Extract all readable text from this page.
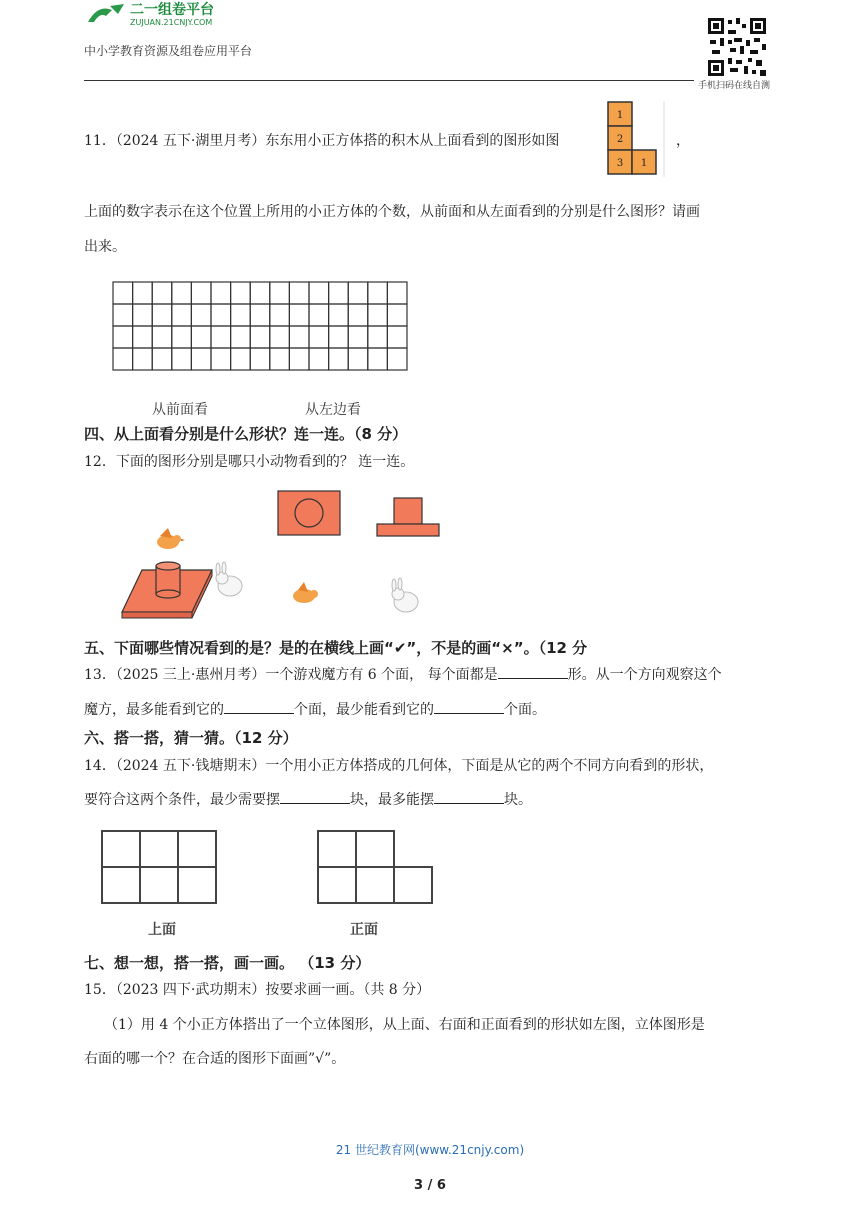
二一组卷平台
ZUJUAN.21CNJY.COM
中小学教育资源及组卷应用平台
手机扫码在线自测
11．（2024 五下·湖里月考）东东用小正方体搭的积木从上面看到的图形如图
1
2
3 1
，
上面的数字表示在这个位置上所用的小正方体的个数，从前面和从左面看到的分别是什么图形？请画
出来。
从前面看	从左边看
四、从上面看分别是什么形状？连一连。（8 分）
12．下面的图形分别是哪只小动物看到的？ 连一连。
五、下面哪些情况看到的是？是的在横线上画“✔”，不是的画“×”。（12 分
13．（2025 三上·惠州月考）一个游戏魔方有 6 个面， 每个面都是	形。从一个方向观察这个
魔方，最多能看到它的	个面，最少能看到它的	个面。
六、搭一搭，猜一猜。（12 分）
14．（2024 五下·钱塘期末）一个用小正方体搭成的几何体，下面是从它的两个不同方向看到的形状，
要符合这两个条件，最少需要摆	块，最多能摆	块。
上面	正面
七、想一想，搭一搭，画一画。 （13 分）
15．（2023 四下·武功期末）按要求画一画。（共 8 分）
（1）用 4 个小正方体搭出了一个立体图形，从上面、右面和正面看到的形状如左图，立体图形是
右面的哪一个？在合适的图形下面画”√”。
21 世纪教育网(www.21cnjy.com)
3 / 6
